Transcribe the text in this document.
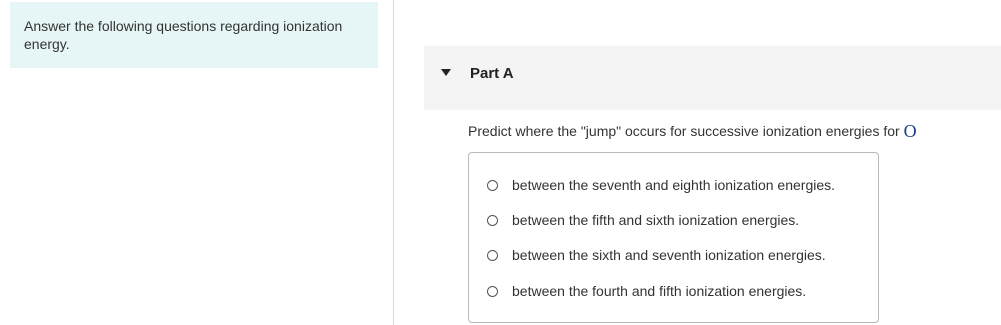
Answer the following questions regarding ionization energy.
Part A
Predict where the "jump" occurs for successive ionization energies for O
between the seventh and eighth ionization energies.
between the fifth and sixth ionization energies.
between the sixth and seventh ionization energies.
between the fourth and fifth ionization energies.
